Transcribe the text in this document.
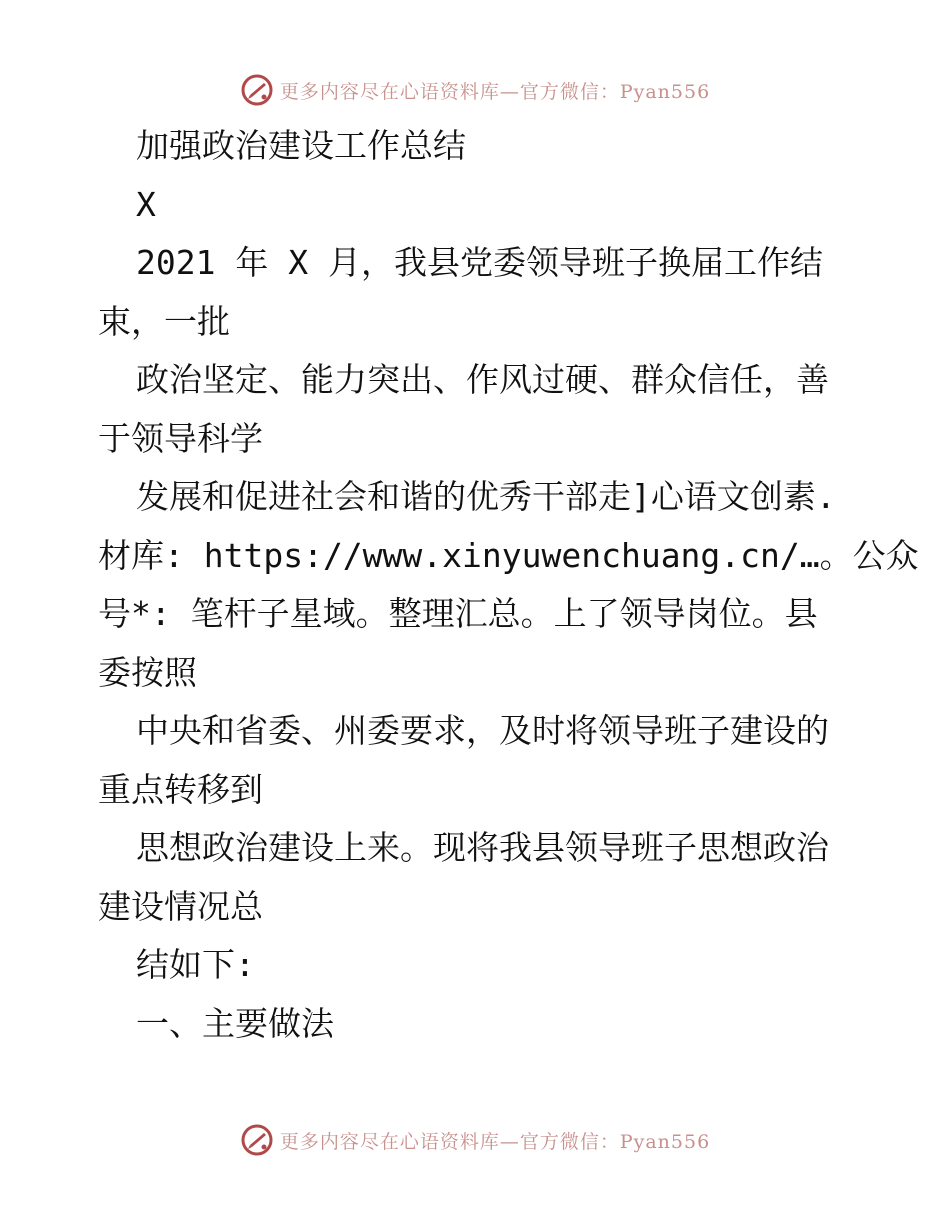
更多内容尽在心语资料库—官方微信：Pyan556
加强政治建设工作总结
X
2021 年 X 月，我县党委领导班子换届工作结
束，一批
政治坚定、能力突出、作风过硬、群众信任，善
于领导科学
发展和促进社会和谐的优秀干部走]心语文创素.
材库: https://www.xinyuwenchuang.cn/…。公众
号*: 笔杆子星域。整理汇总。上了领导岗位。县
委按照
中央和省委、州委要求，及时将领导班子建设的
重点转移到
思想政治建设上来。现将我县领导班子思想政治
建设情况总
结如下:
一、主要做法
更多内容尽在心语资料库—官方微信：Pyan556
